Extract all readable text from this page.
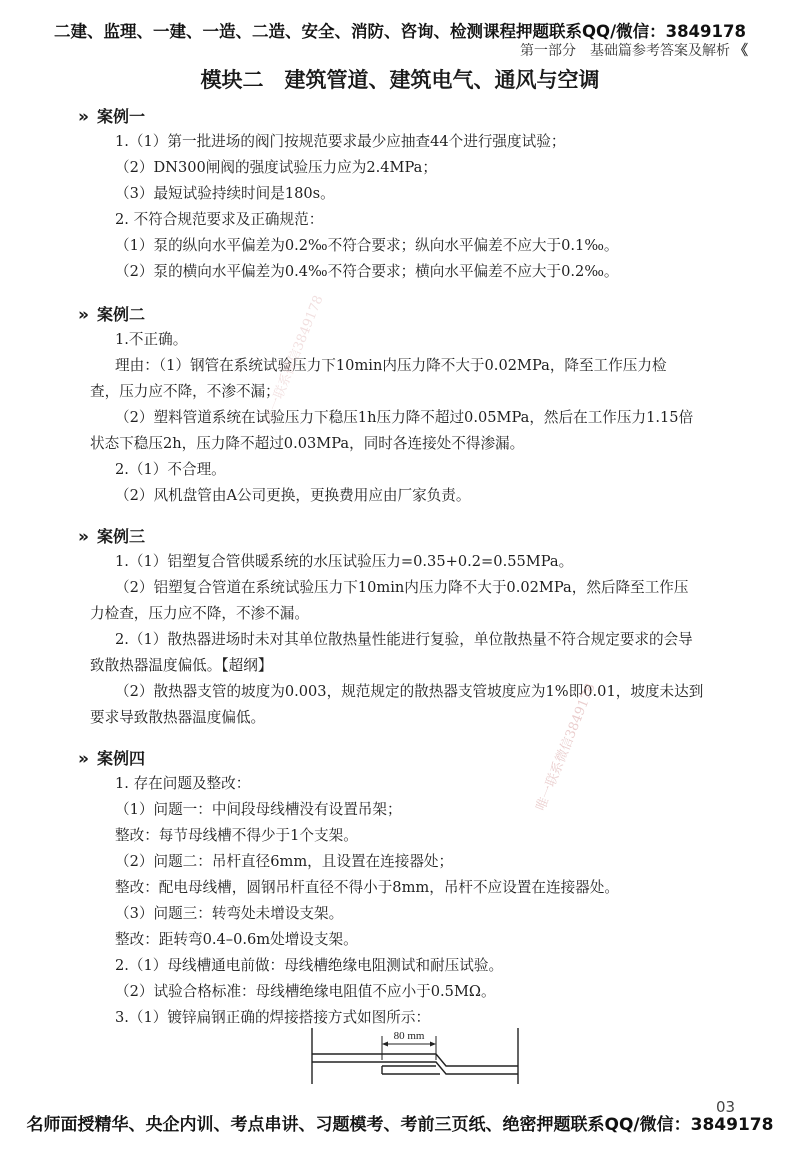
二建、监理、一建、一造、二造、安全、消防、咨询、检测课程押题联系QQ/微信：3849178
第一部分　基础篇参考答案及解析 《
模块二　建筑管道、建筑电气、通风与空调
» 案例一
1.（1）第一批进场的阀门按规范要求最少应抽查44个进行强度试验；
（2）DN300闸阀的强度试验压力应为2.4MPa；
（3）最短试验持续时间是180s。
2. 不符合规范要求及正确规范：
（1）泵的纵向水平偏差为0.2‰不符合要求；纵向水平偏差不应大于0.1‰。
（2）泵的横向水平偏差为0.4‰不符合要求；横向水平偏差不应大于0.2‰。
» 案例二
1.不正确。
理由：（1）钢管在系统试验压力下10min内压力降不大于0.02MPa，降至工作压力检
查，压力应不降，不渗不漏；
（2）塑料管道系统在试验压力下稳压1h压力降不超过0.05MPa，然后在工作压力1.15倍
状态下稳压2h，压力降不超过0.03MPa，同时各连接处不得渗漏。
2.（1）不合理。
（2）风机盘管由A公司更换，更换费用应由厂家负责。
» 案例三
1.（1）铝塑复合管供暖系统的水压试验压力=0.35+0.2=0.55MPa。
（2）铝塑复合管道在系统试验压力下10min内压力降不大于0.02MPa，然后降至工作压
力检查，压力应不降，不渗不漏。
2.（1）散热器进场时未对其单位散热量性能进行复验，单位散热量不符合规定要求的会导
致散热器温度偏低。【超纲】
（2）散热器支管的坡度为0.003，规范规定的散热器支管坡度应为1%即0.01，坡度未达到
要求导致散热器温度偏低。
» 案例四
1. 存在问题及整改：
（1）问题一：中间段母线槽没有设置吊架；
整改：每节母线槽不得少于1个支架。
（2）问题二：吊杆直径6mm，且设置在连接器处；
整改：配电母线槽，圆钢吊杆直径不得小于8mm，吊杆不应设置在连接器处。
（3）问题三：转弯处未增设支架。
整改：距转弯0.4–0.6m处增设支架。
2.（1）母线槽通电前做：母线槽绝缘电阻测试和耐压试验。
（2）试验合格标准：母线槽绝缘电阻值不应小于0.5MΩ。
3.（1）镀锌扁钢正确的焊接搭接方式如图所示：
80 mm
唯一联系微信3849178
唯一联系微信3849178
03
名师面授精华、央企内训、考点串讲、习题模考、考前三页纸、绝密押题联系QQ/微信：3849178
